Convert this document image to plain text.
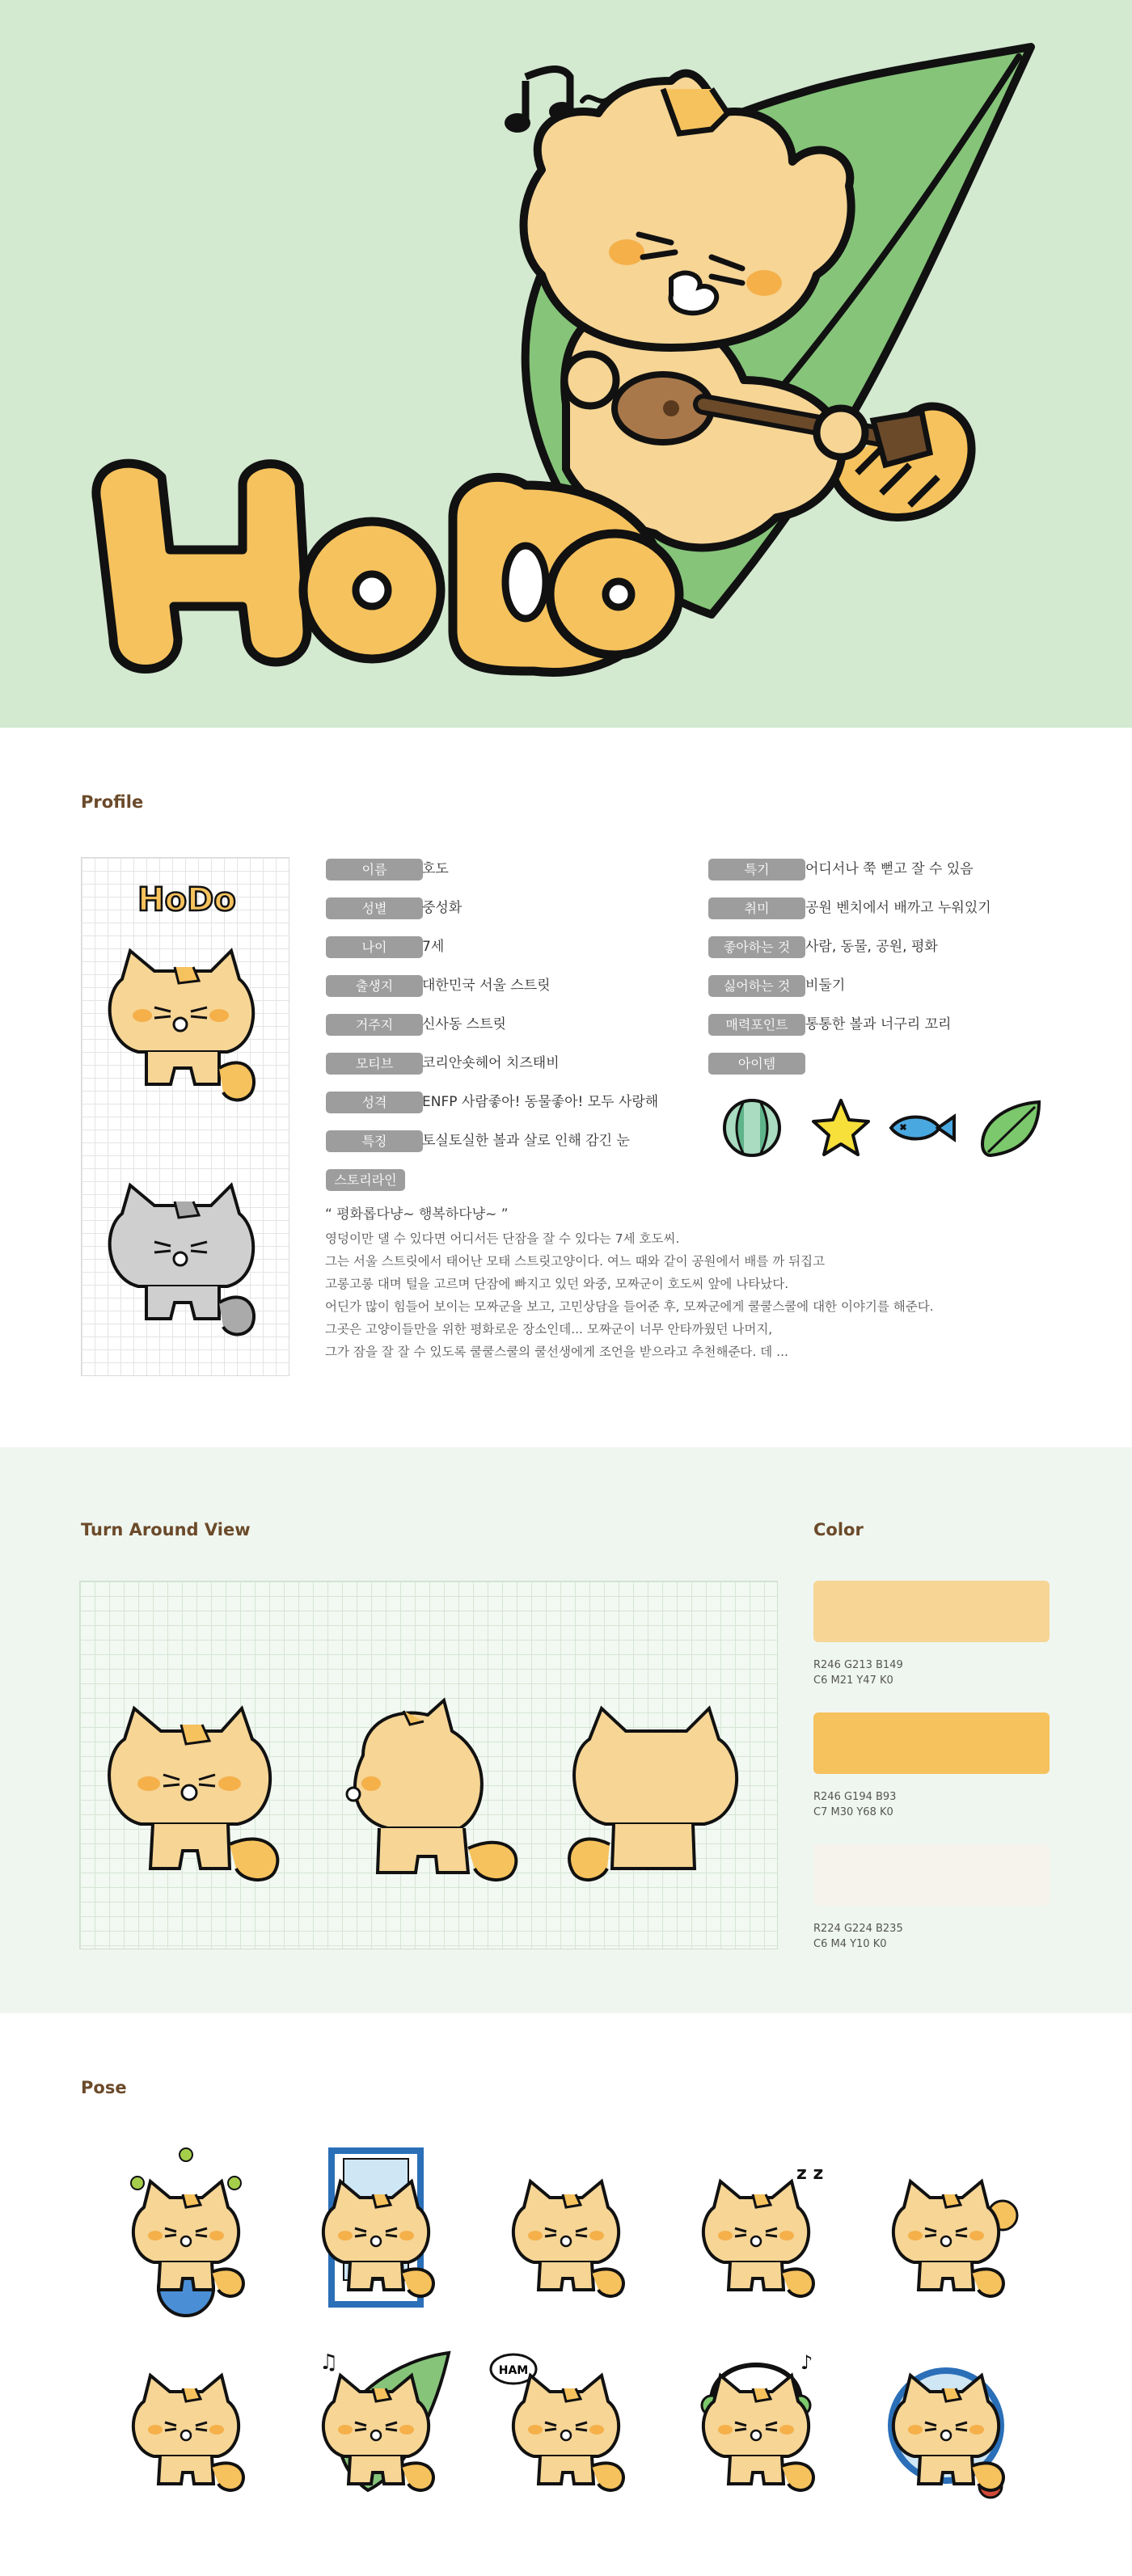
Profile
HoDo
이름	호도
성별	중성화
나이	7세
출생지	대한민국 서울 스트릿
거주지	신사동 스트릿
모티브	코리안숏헤어 치즈태비
성격	ENFP 사람좋아! 동물좋아! 모두 사랑해
특징	토실토실한 볼과 살로 인해 감긴 눈
특기	어디서나 쭉 뻗고 잘 수 있음
취미	공원 벤치에서 배까고 누워있기
좋아하는 것	사람, 동물, 공원, 평화
싫어하는 것	비둘기
매력포인트	통통한 볼과 너구리 꼬리
아이템
스토리라인
“ 평화롭다냥~ 행복하다냥~ ”
영덩이만 댈 수 있다면 어디서든 단잠을 잘 수 있다는 7세 호도씨.
그는 서울 스트릿에서 태어난 모태 스트릿고양이다. 여느 때와 같이 공원에서 배를 까 뒤집고
고롱고롱 대며 털을 고르며 단잠에 빠지고 있던 와중, 모짜군이 호도씨 앞에 나타났다.
어딘가 많이 힘들어 보이는 모짜군을 보고, 고민상담을 들어준 후, 모짜군에게 쿨쿨스쿨에 대한 이야기를 해준다.
그곳은 고양이들만을 위한 평화로운 장소인데... 모짜군이 너무 안타까웠던 나머지,
그가 잠을 잘 잘 수 있도록 쿨쿨스쿨의 쿨선생에게 조언을 받으라고 추천해준다. 데 ...
Turn Around View	Color
R246 G213 B149
C6 M21 Y47 K0
R246 G194 B93
C7 M30 Y68 K0
R224 G224 B235
C6 M4 Y10 K0
Pose
z z
♫	♪
HAM
